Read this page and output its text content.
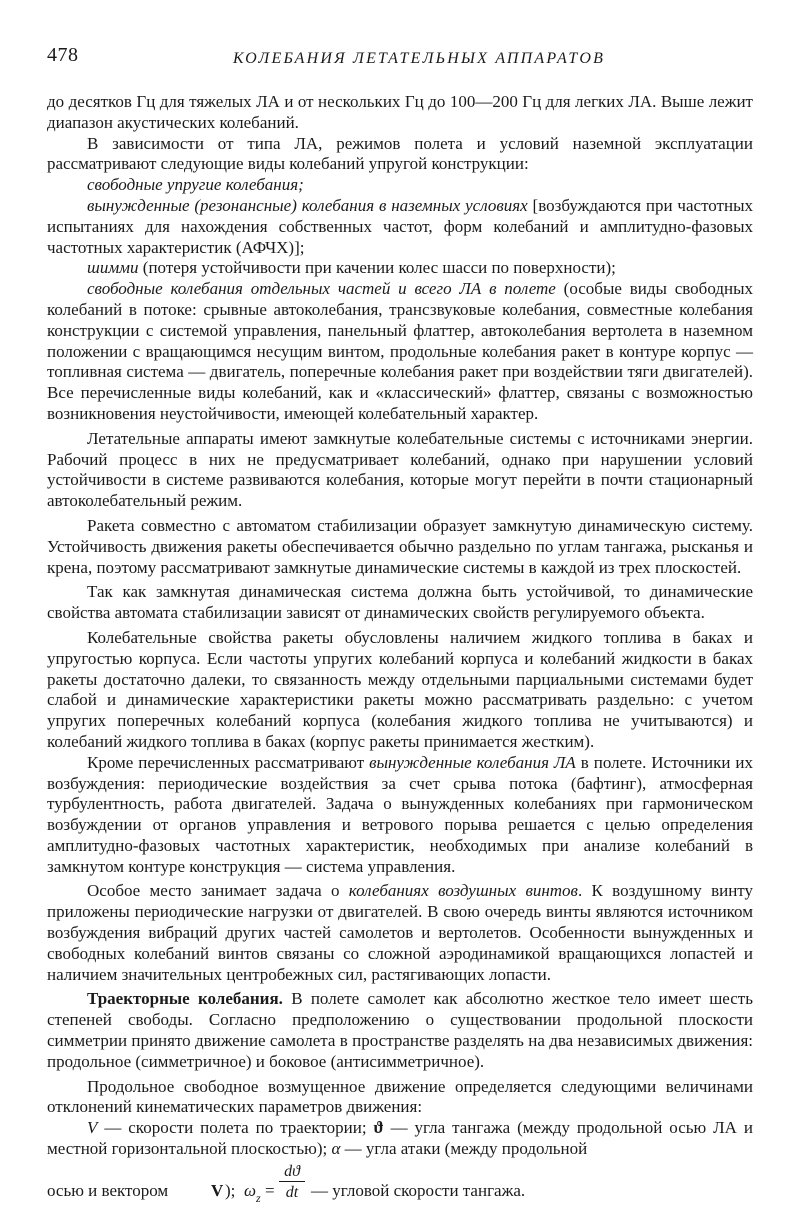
478	КОЛЕБАНИЯ ЛЕТАТЕЛЬНЫХ АППАРАТОВ

до десятков Гц для тяжелых ЛА и от нескольких Гц до 100—200 Гц для легких ЛА. Выше лежит диапазон акустических колебаний.

В зависимости от типа ЛА, режимов полета и условий наземной эксплуатации рассматривают следующие виды колебаний упругой конструкции:

свободные упругие колебания;

вынужденные (резонансные) колебания в наземных условиях [возбуждаются при частотных испытаниях для нахождения собственных частот, форм колебаний и амплитудно-фазовых частотных характеристик (АФЧХ)];

шимми (потеря устойчивости при качении колес шасси по поверхности);

свободные колебания отдельных частей и всего ЛА в полете (особые виды свободных колебаний в потоке: срывные автоколебания, трансзвуковые колебания, совместные колебания конструкции с системой управления, панельный флаттер, автоколебания вертолета в наземном положении с вращающимся несущим винтом, продольные колебания ракет в контуре корпус — топливная система — двигатель, поперечные колебания ракет при воздействии тяги двигателей). Все перечисленные виды колебаний, как и «классический» флаттер, связаны с возможностью возникновения неустойчивости, имеющей колебательный характер.

Летательные аппараты имеют замкнутые колебательные системы с источниками энергии. Рабочий процесс в них не предусматривает колебаний, однако при нарушении условий устойчивости в системе развиваются колебания, которые могут перейти в почти стационарный автоколебательный режим.

Ракета совместно с автоматом стабилизации образует замкнутую динамическую систему. Устойчивость движения ракеты обеспечивается обычно раздельно по углам тангажа, рысканья и крена, поэтому рассматривают замкнутые динамические системы в каждой из трех плоскостей.

Так как замкнутая динамическая система должна быть устойчивой, то динамические свойства автомата стабилизации зависят от динамических свойств регулируемого объекта.

Колебательные свойства ракеты обусловлены наличием жидкого топлива в баках и упругостью корпуса. Если частоты упругих колебаний корпуса и колебаний жидкости в баках ракеты достаточно далеки, то связанность между отдельными парциальными системами будет слабой и динамические характеристики ракеты можно рассматривать раздельно: с учетом упругих поперечных колебаний корпуса (колебания жидкого топлива не учитываются) и колебаний жидкого топлива в баках (корпус ракеты принимается жестким).

Кроме перечисленных рассматривают вынужденные колебания ЛА в полете. Источники их возбуждения: периодические воздействия за счет срыва потока (бафтинг), атмосферная турбулентность, работа двигателей. Задача о вынужденных колебаниях при гармоническом возбуждении от органов управления и ветрового порыва решается с целью определения амплитудно-фазовых частотных характеристик, необходимых при анализе колебаний в замкнутом контуре конструкция — система управления.

Особое место занимает задача о колебаниях воздушных винтов. К воздушному винту приложены периодические нагрузки от двигателей. В свою очередь винты являются источником возбуждения вибраций других частей самолетов и вертолетов. Особенности вынужденных и свободных колебаний винтов связаны со сложной аэродинамикой вращающихся лопастей и наличием значительных центробежных сил, растягивающих лопасти.

Траекторные колебания. В полете самолет как абсолютно жесткое тело имеет шесть степеней свободы. Согласно предположению о существовании продольной плоскости симметрии принято движение самолета в пространстве разделять на два независимых движения: продольное (симметричное) и боковое (антисимметричное).

Продольное свободное возмущенное движение определяется следующими величинами отклонений кинематических параметров движения:

V — скорости полета по траектории; ϑ — угла тангажа (между продольной осью ЛА и местной горизонтальной плоскостью); α — угла атаки (между продольной

осью и вектором	V ); ω z =
dϑ
dt — угловой скорости тангажа.
